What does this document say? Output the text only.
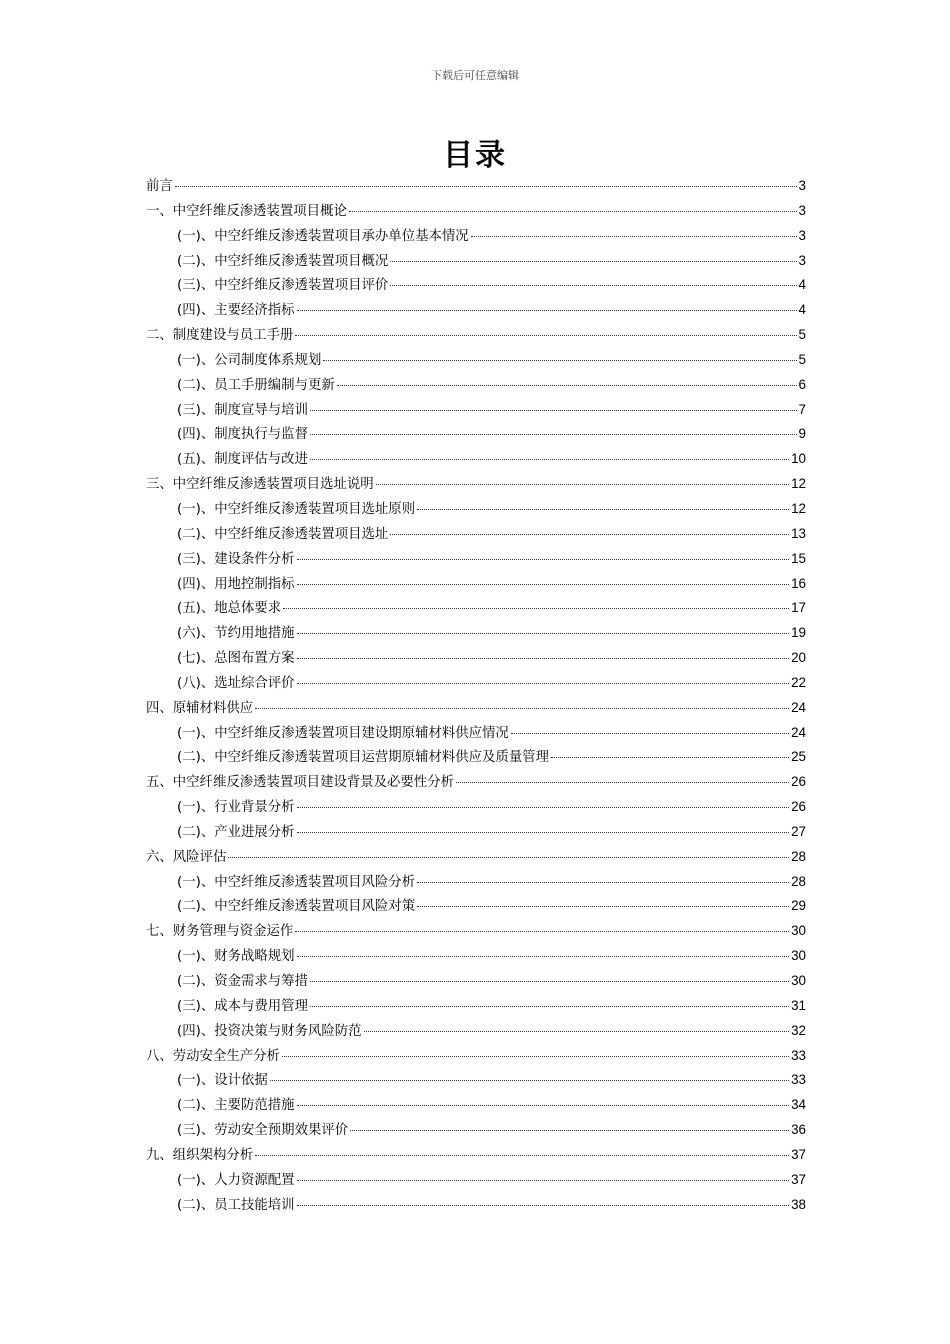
下载后可任意编辑
目录
前言	3
一、中空纤维反渗透装置项目概论	3
(一)、中空纤维反渗透装置项目承办单位基本情况	3
(二)、中空纤维反渗透装置项目概况	3
(三)、中空纤维反渗透装置项目评价	4
(四)、主要经济指标	4
二、制度建设与员工手册	5
(一)、公司制度体系规划	5
(二)、员工手册编制与更新	6
(三)、制度宣导与培训	7
(四)、制度执行与监督	9
(五)、制度评估与改进	10
三、中空纤维反渗透装置项目选址说明	12
(一)、中空纤维反渗透装置项目选址原则	12
(二)、中空纤维反渗透装置项目选址	13
(三)、建设条件分析	15
(四)、用地控制指标	16
(五)、地总体要求	17
(六)、节约用地措施	19
(七)、总图布置方案	20
(八)、选址综合评价	22
四、原辅材料供应	24
(一)、中空纤维反渗透装置项目建设期原辅材料供应情况	24
(二)、中空纤维反渗透装置项目运营期原辅材料供应及质量管理	25
五、中空纤维反渗透装置项目建设背景及必要性分析	26
(一)、行业背景分析	26
(二)、产业进展分析	27
六、风险评估	28
(一)、中空纤维反渗透装置项目风险分析	28
(二)、中空纤维反渗透装置项目风险对策	29
七、财务管理与资金运作	30
(一)、财务战略规划	30
(二)、资金需求与筹措	30
(三)、成本与费用管理	31
(四)、投资决策与财务风险防范	32
八、劳动安全生产分析	33
(一)、设计依据	33
(二)、主要防范措施	34
(三)、劳动安全预期效果评价	36
九、组织架构分析	37
(一)、人力资源配置	37
(二)、员工技能培训	38
